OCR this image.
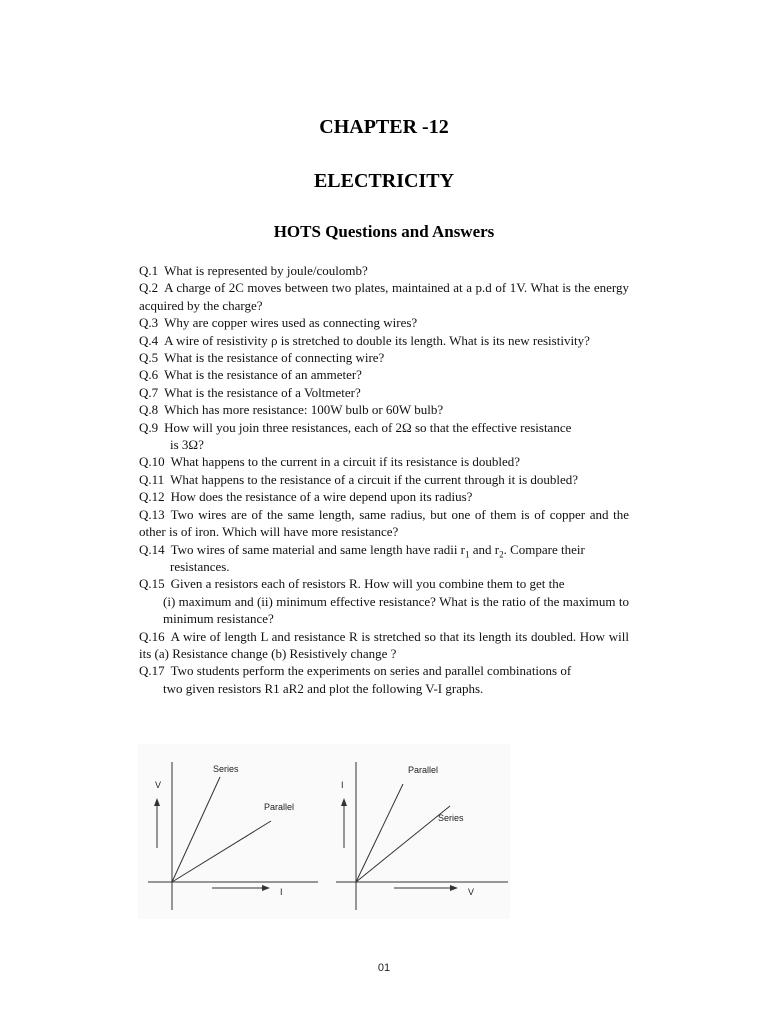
CHAPTER -12
ELECTRICITY
HOTS Questions and Answers

Q.1 What is represented by joule/coulomb?

Q.2 A charge of 2C moves between two plates, maintained at a p.d of 1V. What is the energy acquired by the charge?

Q.3 Why are copper wires used as connecting wires?

Q.4 A wire of resistivity ρ is stretched to double its length. What is its new resistivity?

Q.5 What is the resistance of connecting wire?

Q.6 What is the resistance of an ammeter?

Q.7 What is the resistance of a Voltmeter?

Q.8 Which has more resistance: 100W bulb or 60W bulb?

Q.9 How will you join three resistances, each of 2Ω so that the effective resistance
is 3Ω?

Q.10 What happens to the current in a circuit if its resistance is doubled?

Q.11 What happens to the resistance of a circuit if the current through it is doubled?

Q.12 How does the resistance of a wire depend upon its radius?

Q.13 Two wires are of the same length, same radius, but one of them is of copper and the other is of iron. Which will have more resistance?

Q.14 Two wires of same material and same length have radii $r_1$ and $r_2$. Compare their
resistances.

Q.15 Given a resistors each of resistors R. How will you combine them to get the
(i) maximum and (ii) minimum effective resistance? What is the ratio of the maximum to minimum resistance?

Q.16 A wire of length L and resistance R is stretched so that its length its doubled. How will its (a) Resistance change (b) Resistively change ?

Q.17 Two students perform the experiments on series and parallel combinations of
two given resistors R1 aR2 and plot the following V-I graphs.

V
I
Series
Parallel
I
V
Parallel
Series
01
